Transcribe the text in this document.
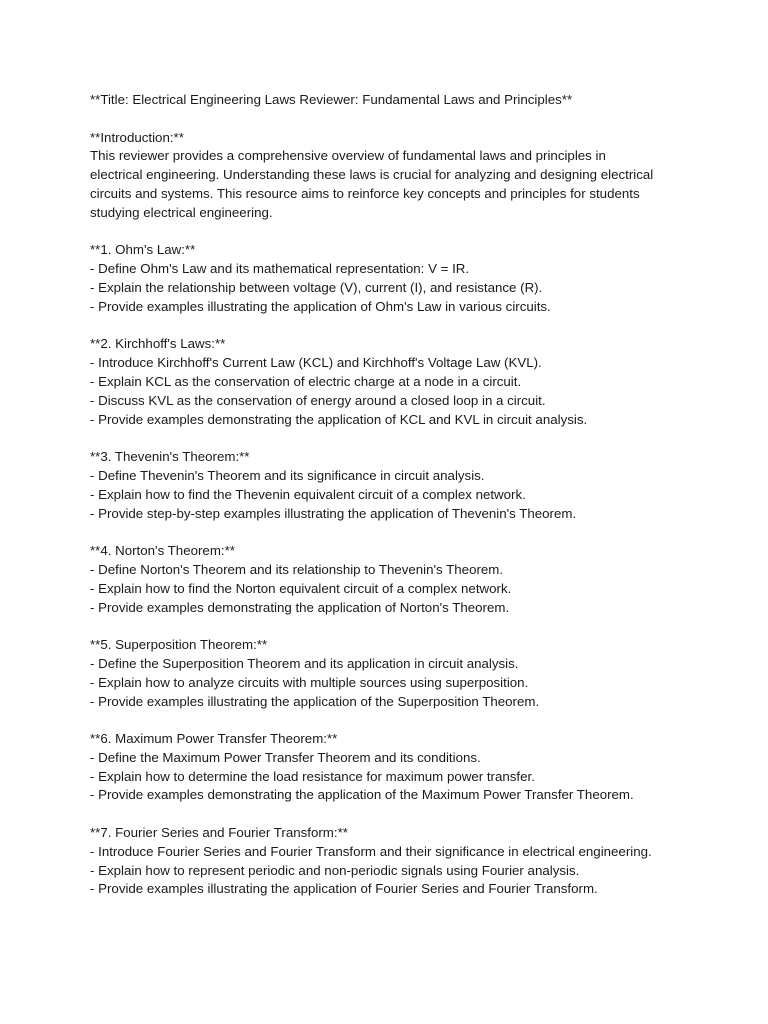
**Title: Electrical Engineering Laws Reviewer: Fundamental Laws and Principles**

**Introduction:**

This reviewer provides a comprehensive overview of fundamental laws and principles in

electrical engineering. Understanding these laws is crucial for analyzing and designing electrical

circuits and systems. This resource aims to reinforce key concepts and principles for students

studying electrical engineering.

**1. Ohm's Law:**

- Define Ohm's Law and its mathematical representation: V = IR.

- Explain the relationship between voltage (V), current (I), and resistance (R).

- Provide examples illustrating the application of Ohm's Law in various circuits.

**2. Kirchhoff's Laws:**

- Introduce Kirchhoff's Current Law (KCL) and Kirchhoff's Voltage Law (KVL).

- Explain KCL as the conservation of electric charge at a node in a circuit.

- Discuss KVL as the conservation of energy around a closed loop in a circuit.

- Provide examples demonstrating the application of KCL and KVL in circuit analysis.

**3. Thevenin's Theorem:**

- Define Thevenin's Theorem and its significance in circuit analysis.

- Explain how to find the Thevenin equivalent circuit of a complex network.

- Provide step-by-step examples illustrating the application of Thevenin's Theorem.

**4. Norton's Theorem:**

- Define Norton's Theorem and its relationship to Thevenin's Theorem.

- Explain how to find the Norton equivalent circuit of a complex network.

- Provide examples demonstrating the application of Norton's Theorem.

**5. Superposition Theorem:**

- Define the Superposition Theorem and its application in circuit analysis.

- Explain how to analyze circuits with multiple sources using superposition.

- Provide examples illustrating the application of the Superposition Theorem.

**6. Maximum Power Transfer Theorem:**

- Define the Maximum Power Transfer Theorem and its conditions.

- Explain how to determine the load resistance for maximum power transfer.

- Provide examples demonstrating the application of the Maximum Power Transfer Theorem.

**7. Fourier Series and Fourier Transform:**

- Introduce Fourier Series and Fourier Transform and their significance in electrical engineering.

- Explain how to represent periodic and non-periodic signals using Fourier analysis.

- Provide examples illustrating the application of Fourier Series and Fourier Transform.
